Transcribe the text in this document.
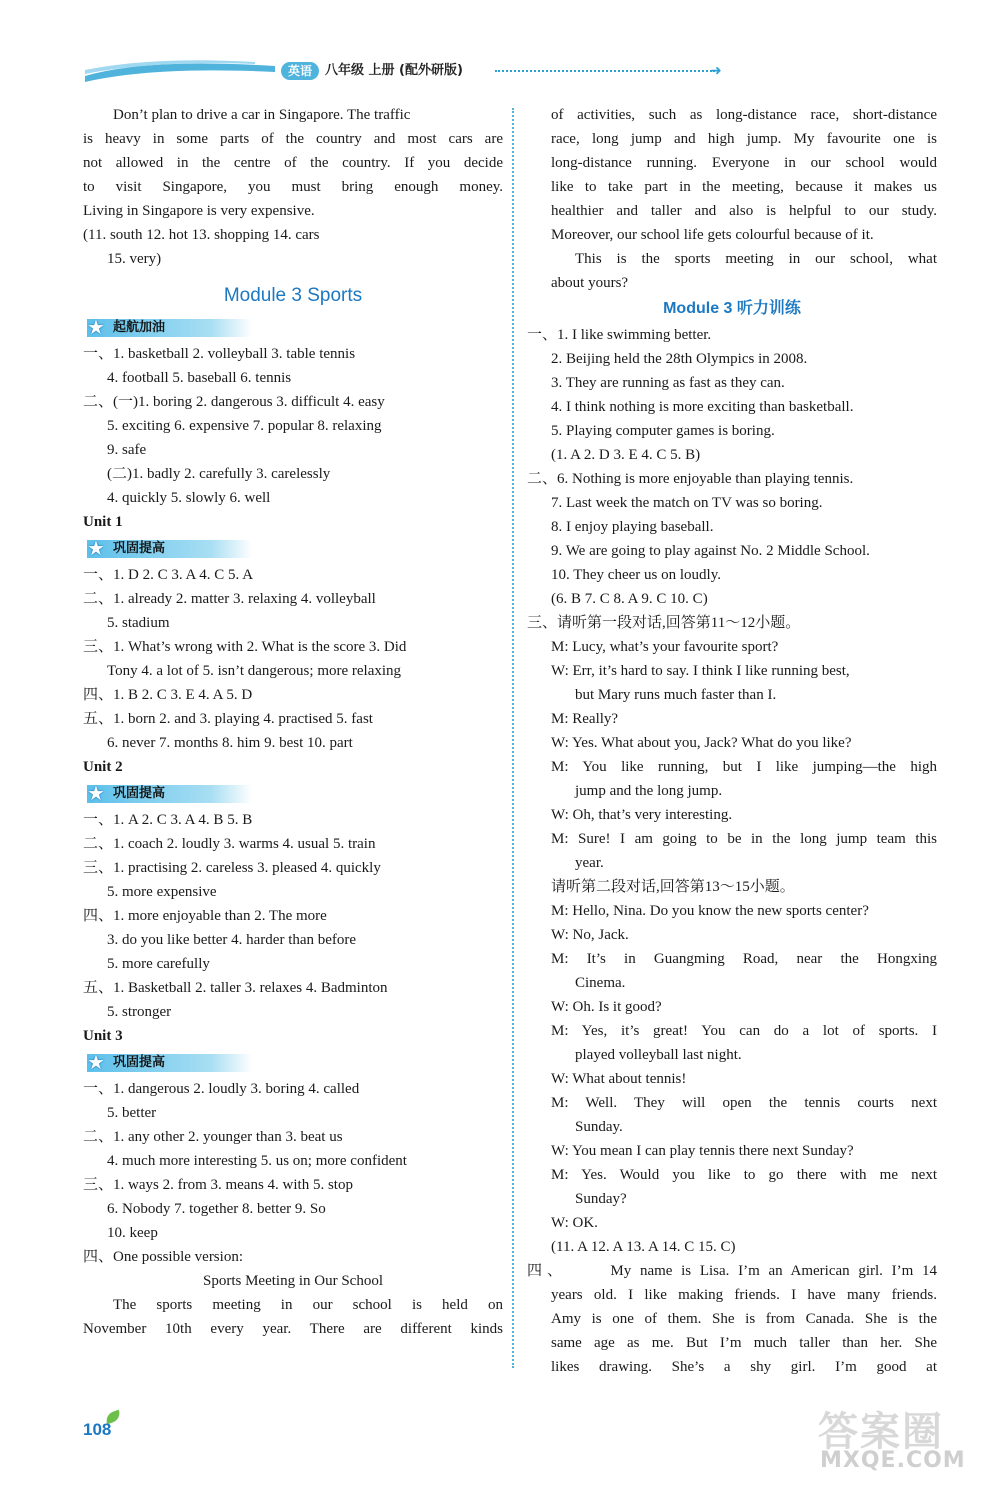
英语	八年级 上册 (配外研版)	➜
Don’t plan to drive a car in Singapore. The traffic
is heavy in some parts of the country and most cars are
not allowed in the centre of the country. If you decide
to visit Singapore, you must bring enough money.
Living in Singapore is very expensive.
(11. south 12. hot 13. shopping 14. cars
15. very)
Module 3 Sports
★ 起航加油
一、1. basketball 2. volleyball 3. table tennis
4. football 5. baseball 6. tennis
二、(一)1. boring 2. dangerous 3. difficult 4. easy
5. exciting 6. expensive 7. popular 8. relaxing
9. safe
(二)1. badly 2. carefully 3. carelessly
4. quickly 5. slowly 6. well
Unit 1
★ 巩固提高
一、1. D 2. C 3. A 4. C 5. A
二、1. already 2. matter 3. relaxing 4. volleyball
5. stadium
三、1. What’s wrong with 2. What is the score 3. Did
Tony 4. a lot of 5. isn’t dangerous; more relaxing
四、1. B 2. C 3. E 4. A 5. D
五、1. born 2. and 3. playing 4. practised 5. fast
6. never 7. months 8. him 9. best 10. part
Unit 2
★ 巩固提高
一、1. A 2. C 3. A 4. B 5. B
二、1. coach 2. loudly 3. warms 4. usual 5. train
三、1. practising 2. careless 3. pleased 4. quickly
5. more expensive
四、1. more enjoyable than 2. The more
3. do you like better 4. harder than before
5. more carefully
五、1. Basketball 2. taller 3. relaxes 4. Badminton
5. stronger
Unit 3
★ 巩固提高
一、1. dangerous 2. loudly 3. boring 4. called
5. better
二、1. any other 2. younger than 3. beat us
4. much more interesting 5. us on; more confident
三、1. ways 2. from 3. means 4. with 5. stop
6. Nobody 7. together 8. better 9. So
10. keep
四、One possible version:
Sports Meeting in Our School
The sports meeting in our school is held on
November 10th every year. There are different kinds
of activities, such as long-distance race, short-distance
race, long jump and high jump. My favourite one is
long-distance running. Everyone in our school would
like to take part in the meeting, because it makes us
healthier and taller and also is helpful to our study.
Moreover, our school life gets colourful because of it.
This is the sports meeting in our school, what
about yours?
Module 3 听力训练
一、1. I like swimming better.
2. Beijing held the 28th Olympics in 2008.
3. They are running as fast as they can.
4. I think nothing is more exciting than basketball.
5. Playing computer games is boring.
(1. A 2. D 3. E 4. C 5. B)
二、6. Nothing is more enjoyable than playing tennis.
7. Last week the match on TV was so boring.
8. I enjoy playing baseball.
9. We are going to play against No. 2 Middle School.
10. They cheer us on loudly.
(6. B 7. C 8. A 9. C 10. C)
三、请听第一段对话,回答第11～12小题。
M: Lucy, what’s your favourite sport?
W: Err, it’s hard to say. I think I like running best,
but Mary runs much faster than I.
M: Really?
W: Yes. What about you, Jack? What do you like?
M: You like running, but I like jumping—the high
jump and the long jump.
W: Oh, that’s very interesting.
M: Sure! I am going to be in the long jump team this
year.
请听第二段对话,回答第13～15小题。
M: Hello, Nina. Do you know the new sports center?
W: No, Jack.
M: It’s in Guangming Road, near the Hongxing
Cinema.
W: Oh. Is it good?
M: Yes, it’s great! You can do a lot of sports. I
played volleyball last night.
W: What about tennis!
M: Well. They will open the tennis courts next
Sunday.
W: You mean I can play tennis there next Sunday?
M: Yes. Would you like to go there with me next
Sunday?
W: OK.
(11. A 12. A 13. A 14. C 15. C)
四、	My name is Lisa. I’m an American girl. I’m 14
years old. I like making friends. I have many friends.
Amy is one of them. She is from Canada. She is the
same age as me. But I’m much taller than her. She
likes drawing. She’s a shy girl. I’m good at
108	答案圈
MXQE.COM
